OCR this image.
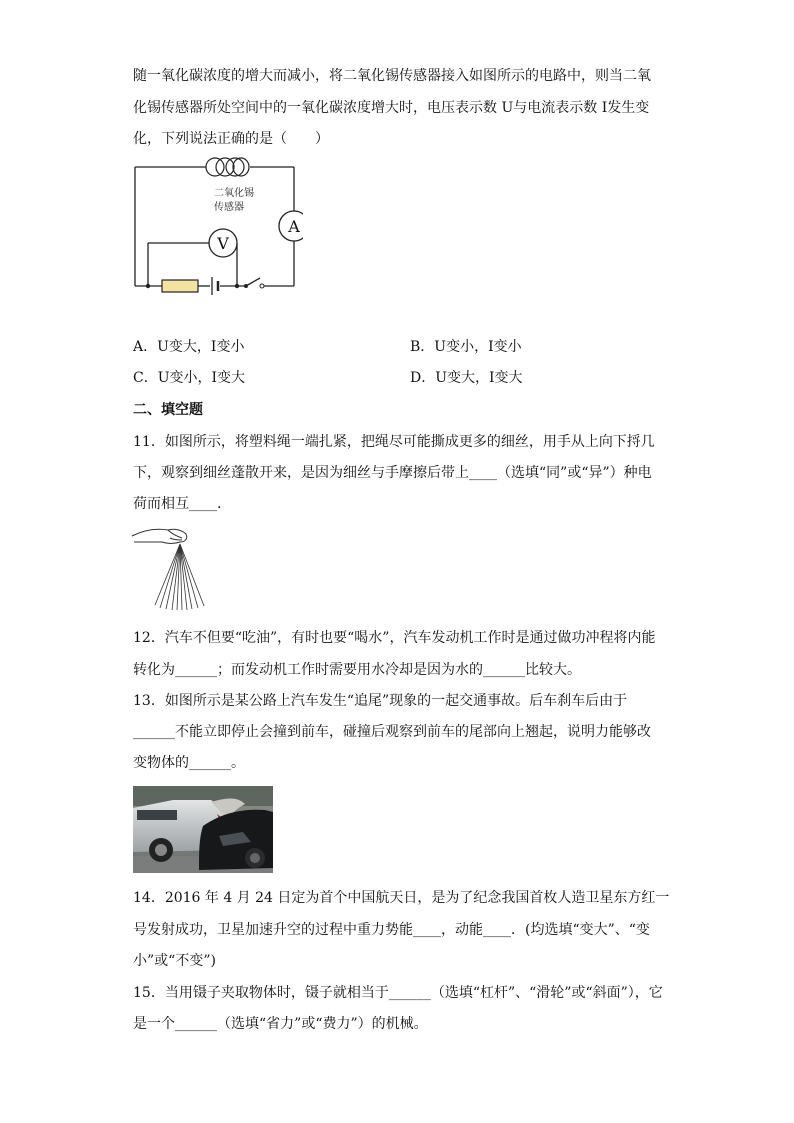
随一氧化碳浓度的增大而减小，将二氧化锡传感器接入如图所示的电路中，则当二氧
化锡传感器所处空间中的一氧化碳浓度增大时，电压表示数 U与电流表示数 I发生变
化，下列说法正确的是（　　）
二氧化锡
传感器
A
V
A．U变大，I变小	B．U变小，I变小
C．U变小，I变大	D．U变大，I变大
二、填空题
11．如图所示，将塑料绳一端扎紧，把绳尽可能撕成更多的细丝，用手从上向下捋几
下，观察到细丝蓬散开来，是因为细丝与手摩擦后带上____（选填“同”或“异”）种电
荷而相互____.
12．汽车不但要“吃油”，有时也要“喝水”，汽车发动机工作时是通过做功冲程将内能
转化为______；而发动机工作时需要用水冷却是因为水的______比较大。
13．如图所示是某公路上汽车发生“追尾”现象的一起交通事故。后车刹车后由于
______不能立即停止会撞到前车，碰撞后观察到前车的尾部向上翘起，说明力能够改
变物体的______。
14．2016 年 4 月 24 日定为首个中国航天日，是为了纪念我国首枚人造卫星东方红一
号发射成功，卫星加速升空的过程中重力势能____，动能____．(均选填“变大”、“变
小”或“不变”)
15．当用镊子夹取物体时，镊子就相当于______（选填“杠杆”、“滑轮”或“斜面”），它
是一个______（选填“省力”或“费力”）的机械。
